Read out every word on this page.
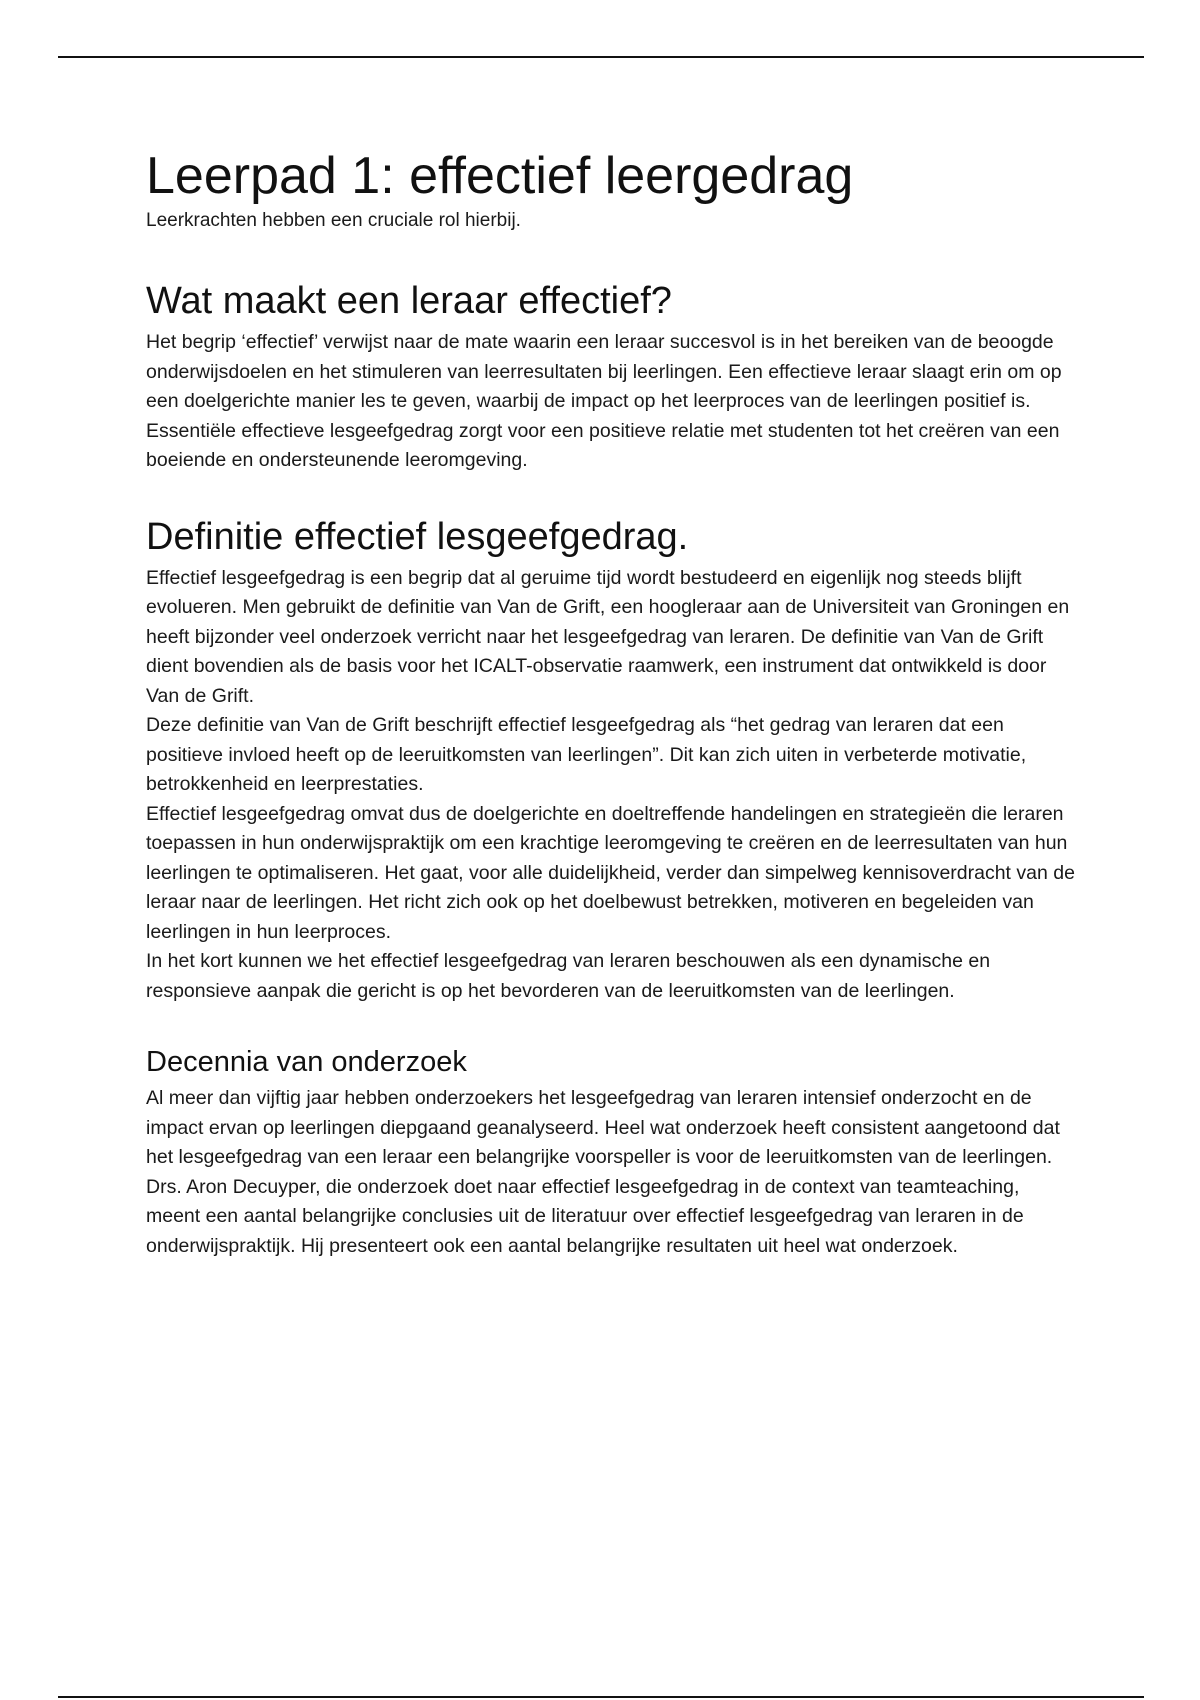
Leerpad 1: effectief leergedrag

Leerkrachten hebben een cruciale rol hierbij.

Wat maakt een leraar effectief?

Het begrip ‘effectief’ verwijst naar de mate waarin een leraar succesvol is in het bereiken van de beoogde onderwijsdoelen en het stimuleren van leerresultaten bij leerlingen. Een effectieve leraar slaagt erin om op een doelgerichte manier les te geven, waarbij de impact op het leerproces van de leerlingen positief is.

Essentiële effectieve lesgeefgedrag zorgt voor een positieve relatie met studenten tot het creëren van een boeiende en ondersteunende leeromgeving.

Definitie effectief lesgeefgedrag.

Effectief lesgeefgedrag is een begrip dat al geruime tijd wordt bestudeerd en eigenlijk nog steeds blijft evolueren. Men gebruikt de definitie van Van de Grift, een hoogleraar aan de Universiteit van Groningen en heeft bijzonder veel onderzoek verricht naar het lesgeefgedrag van leraren. De definitie van Van de Grift dient bovendien als de basis voor het ICALT-observatie raamwerk, een instrument dat ontwikkeld is door Van de Grift.

Deze definitie van Van de Grift beschrijft effectief lesgeefgedrag als “het gedrag van leraren dat een positieve invloed heeft op de leeruitkomsten van leerlingen”. Dit kan zich uiten in verbeterde motivatie, betrokkenheid en leerprestaties.

Effectief lesgeefgedrag omvat dus de doelgerichte en doeltreffende handelingen en strategieën die leraren toepassen in hun onderwijspraktijk om een krachtige leeromgeving te creëren en de leerresultaten van hun leerlingen te optimaliseren. Het gaat, voor alle duidelijkheid, verder dan simpelweg kennisoverdracht van de leraar naar de leerlingen. Het richt zich ook op het doelbewust betrekken, motiveren en begeleiden van leerlingen in hun leerproces.

In het kort kunnen we het effectief lesgeefgedrag van leraren beschouwen als een dynamische en responsieve aanpak die gericht is op het bevorderen van de leeruitkomsten van de leerlingen.

Decennia van onderzoek

Al meer dan vijftig jaar hebben onderzoekers het lesgeefgedrag van leraren intensief onderzocht en de impact ervan op leerlingen diepgaand geanalyseerd. Heel wat onderzoek heeft consistent aangetoond dat het lesgeefgedrag van een leraar een belangrijke voorspeller is voor de leeruitkomsten van de leerlingen.

Drs. Aron Decuyper, die onderzoek doet naar effectief lesgeefgedrag in de context van teamteaching, meent een aantal belangrijke conclusies uit de literatuur over effectief lesgeefgedrag van leraren in de onderwijspraktijk. Hij presenteert ook een aantal belangrijke resultaten uit heel wat onderzoek.
